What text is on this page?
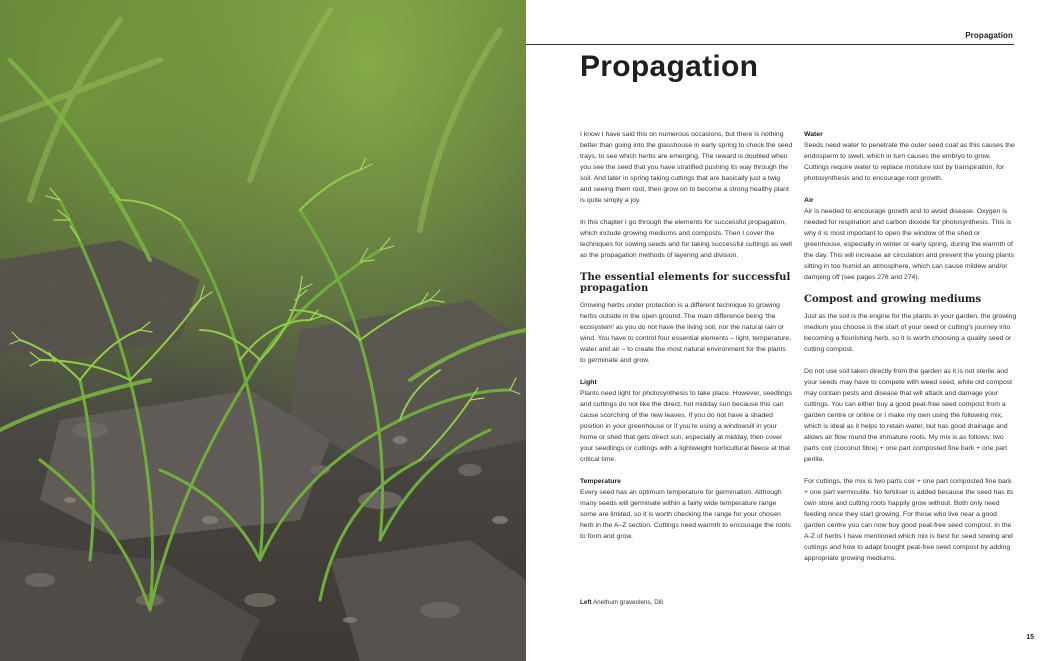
Propagation
Propagation

I know I have said this on numerous occasions, but there is nothing better than going into the glasshouse in early spring to check the seed trays, to see which herbs are emerging. The reward is doubled when you see the seed that you have stratified pushing its way through the soil. And later in spring taking cuttings that are basically just a twig and seeing them root, then grow on to become a strong healthy plant is quite simply a joy.

In this chapter I go through the elements for successful propagation, which include growing mediums and composts. Then I cover the techniques for sowing seeds and for taking successful cuttings as well as the propagation methods of layering and division.

The essential elements for successful propagation

Growing herbs under protection is a different technique to growing herbs outside in the open ground. The main difference being 'the ecosystem' as you do not have the living soil, nor the natural rain or wind. You have to control four essential elements – light, temperature, water and air – to create the most natural environment for the plants to germinate and grow.

Light

Plants need light for photosynthesis to take place. However, seedlings and cuttings do not like the direct, hot midday sun because this can cause scorching of the new leaves. If you do not have a shaded position in your greenhouse or if you're using a windowsill in your home or shed that gets direct sun, especially at midday, then cover your seedlings or cuttings with a lightweight horticultural fleece at that critical time.

Temperature

Every seed has an optimum temperature for germination. Although many seeds will germinate within a fairly wide temperature range some are limited, so it is worth checking the range for your chosen herb in the A–Z section. Cuttings need warmth to encourage the roots to form and grow.

Water

Seeds need water to penetrate the outer seed coat as this causes the endosperm to swell, which in turn causes the embryo to grow. Cuttings require water to replace moisture lost by transpiration, for photosynthesis and to encourage root growth.

Air

Air is needed to encourage growth and to avoid disease. Oxygen is needed for respiration and carbon dioxide for photosynthesis. This is why it is most important to open the window of the shed or greenhouse, especially in winter or early spring, during the warmth of the day. This will increase air circulation and prevent the young plants sitting in too humid an atmosphere, which can cause mildew and/or damping off (see pages 276 and 274).

Compost and growing mediums

Just as the soil is the engine for the plants in your garden, the growing medium you choose is the start of your seed or cutting's journey into becoming a flourishing herb, so it is worth choosing a quality seed or cutting compost.

Do not use soil taken directly from the garden as it is not sterile and your seeds may have to compete with weed seed, while old compost may contain pests and disease that will attack and damage your cuttings. You can either buy a good peat-free seed compost from a garden centre or online or I make my own using the following mix, which is ideal as it helps to retain water, but has good drainage and allows air flow round the immature roots. My mix is as follows: two parts coir (coconut fibre) + one part composted fine bark + one part perlite.

For cuttings, the mix is two parts coir + one part composted fine bark + one part vermiculite. No fertiliser is added because the seed has its own store and cutting roots happily grow without. Both only need feeding once they start growing. For those who live near a good garden centre you can now buy good peat-free seed compost. In the A-Z of herbs I have mentioned which mix is best for seed sowing and cuttings and how to adapt bought peat-free seed compost by adding appropriate growing mediums.

Left Anethum graveolens, Dill
15
